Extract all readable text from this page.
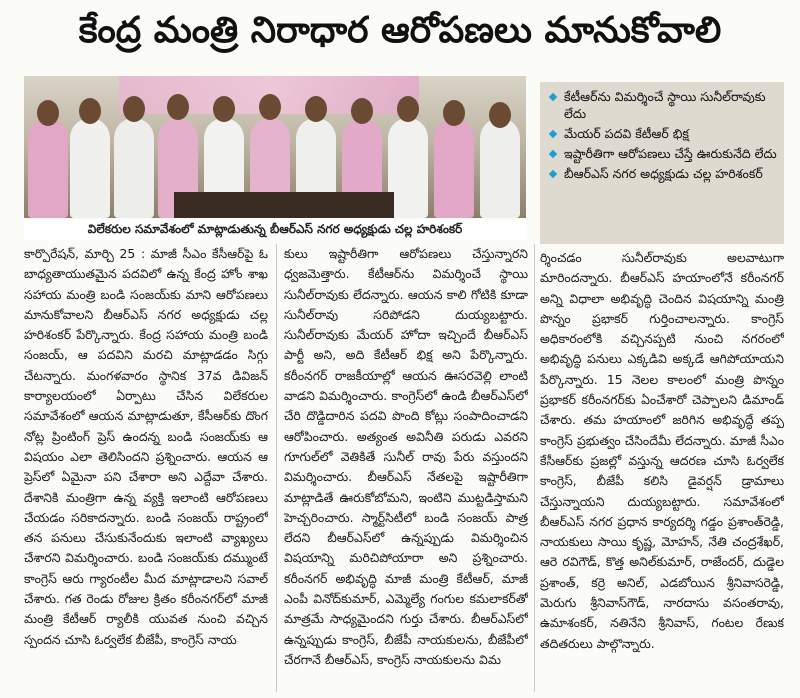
కేంద్ర మంత్రి నిరాధార ఆరోపణలు మానుకోవాలి
విలేకరుల సమావేశంలో మాట్లాడుతున్న బీఆర్ఎస్ నగర అధ్యక్షుడు చల్ల హరిశంకర్
కేటీఆర్‌ను విమర్శించే స్థాయి సునీల్‌రావుకు లేదు
మేయర్ పదవి కేటీఆర్ భిక్ష
ఇష్టారీతిగా ఆరోపణలు చేస్తే ఊరుకునేది లేదు
బీఆర్ఎస్ నగర అధ్యక్షుడు చల్ల హరిశంకర్

కార్పొరేషన్, మార్చి 25 : మాజీ సీఎం కేసీఆర్‌పై ఓ బాధ్యతాయుతమైన పదవిలో ఉన్న కేంద్ర హోం శాఖ సహాయ మంత్రి బండి సంజయ్‌కు మాని ఆరోపణలు మానుకోవాలని బీఆర్ఎస్ నగర అధ్యక్షుడు చల్ల హరిశంకర్ పేర్కొన్నారు. కేంద్ర సహాయ మంత్రి బండి సంజయ్, ఆ పదవిని మరచి మాట్లాడడం సిగ్గు చేటన్నారు. మంగళవారం స్థానిక 37వ డివిజన్ కార్యాలయంలో ఏర్పాటు చేసిన విలేకరుల సమావేశంలో ఆయన మాట్లాడుతూ, కేసీఆర్‌కు దొంగ నోట్ల ప్రింటింగ్ ప్రెస్ ఉందన్న బండి సంజయ్‌కు ఆ విషయం ఎలా తెలిసిందని ప్రశ్నించారు. ఆయన ఆ ప్రెస్‌లో ఏమైనా పని చేశారా అని ఎద్దేవా చేశారు. దేశానికి మంత్రిగా ఉన్న వ్యక్తి ఇలాంటి ఆరోపణలు చేయడం సరికాదన్నారు. బండి సంజయ్ రాష్ట్రంలో తన పనులు చేసుకునేందుకు ఇలాంటి వ్యాఖ్యలు చేశారని విమర్శించారు. బండి సంజయ్‌కు దమ్ముంటే కాంగ్రెస్ ఆరు గ్యారంటీల మీద మాట్లాడాలని సవాల్ చేశారు. గత రెండు రోజుల క్రితం కరీంనగర్‌లో మాజీ మంత్రి కేటీఆర్ ర్యాలీకి యువత నుంచి వచ్చిన స్పందన చూసి ఓర్వలేక బీజేపీ, కాంగ్రెస్ నాయ

కులు ఇష్టారీతిగా ఆరోపణలు చేస్తున్నారని ధ్వజమెత్తారు. కేటీఆర్‌ను విమర్శించే స్థాయి సునీల్‌రావుకు లేదన్నారు. ఆయన కాలి గోటికి కూడా సునీల్‌రావు సరిపోడని దుయ్యబట్టారు. సునీల్‌రావుకు మేయర్ హోదా ఇచ్చిందే బీఆర్ఎస్ పార్టీ అని, అది కేటీఆర్ భిక్ష అని పేర్కొన్నారు. కరీంనగర్ రాజకీయాల్లో ఆయన ఊసరవెల్లి లాంటి వాడని విమర్శించారు. కాంగ్రెస్‌లో ఉండి బీఆర్ఎస్‌లో చేరి దొడ్డిదారిన పదవి పొంది కోట్లు సంపాదించాడని ఆరోపించారు. అత్యంత అవినీతి పరుడు ఎవరని గూగుల్‌లో వెతికితే సునీల్ రావు పేరు వస్తుందని విమర్శించారు. బీఆర్ఎస్ నేతలపై ఇష్టారీతిగా మాట్లాడితే ఊరుకోబోమని, ఇంటిని ముట్టడిస్తామని హెచ్చరించారు. స్మార్ట్‌సిటీలో బండి సంజయ్ పాత్ర లేదని బీఆర్ఎస్‌లో ఉన్నప్పుడు విమర్శించిన విషయాన్ని మరిచిపోయారా అని ప్రశ్నించారు. కరీంనగర్ అభివృద్ధి మాజీ మంత్రి కేటీఆర్, మాజీ ఎంపీ వినోద్‌కుమార్, ఎమ్మెల్యే గంగుల కమలాకర్‌తో మాత్రమే సాధ్యమైందని గుర్తు చేశారు. బీఆర్ఎస్‌లో ఉన్నప్పుడు కాంగ్రెస్, బీజేపీ నాయకులను, బీజేపీలో చేరగానే బీఆర్ఎస్, కాంగ్రెస్ నాయకులను విమ

ర్శించడం సునీల్‌రావుకు అలవాటుగా మారిందన్నారు. బీఆర్ఎస్ హయాంలోనే కరీంనగర్ అన్ని విధాలా అభివృద్ధి చెందిన విషయాన్ని మంత్రి పొన్నం ప్రభాకర్ గుర్తించాలన్నారు. కాంగ్రెస్ అధికారంలోకి వచ్చినప్పటి నుంచి నగరంలో అభివృద్ధి పనులు ఎక్కడివి అక్కడే ఆగిపోయాయని పేర్కొన్నారు. 15 నెలల కాలంలో మంత్రి పొన్నం ప్రభాకర్ కరీంనగర్‌కు ఏంచేశారో చెప్పాలని డిమాండ్ చేశారు. తమ హయాంలో జరిగిన అభివృద్ధే తప్ప కాంగ్రెస్ ప్రభుత్వం చేసిందేమీ లేదన్నారు. మాజీ సీఎం కేసీఆర్‌కు ప్రజల్లో వస్తున్న ఆదరణ చూసి ఓర్వలేక కాంగ్రెస్, బీజేపీ కలిసి డైవర్షన్ డ్రామాలు చేస్తున్నాయని దుయ్యబట్టారు. సమావేశంలో బీఆర్ఎస్ నగర ప్రధాన కార్యదర్శి గడ్డం ప్రశాంత్‌రెడ్డి, నాయకులు సాయి కృష్ణ, మోహన్, నేతి చంద్రశేఖర్, ఆరె రవిగౌడ్, కొత్త అనిల్‌కుమార్, రాజేందర్, దుడ్డెల ప్రశాంత్, కర్రె అనిల్, ఎడబోయిన శ్రీనివాసరెడ్డి, మెరుగు శ్రీనివాస్‌గౌడ్, నారదాసు వసంతరావు, ఉమాశంకర్, నతినేని శ్రీనివాస్, గంటల రేణుక తదితరులు పాల్గొన్నారు.
